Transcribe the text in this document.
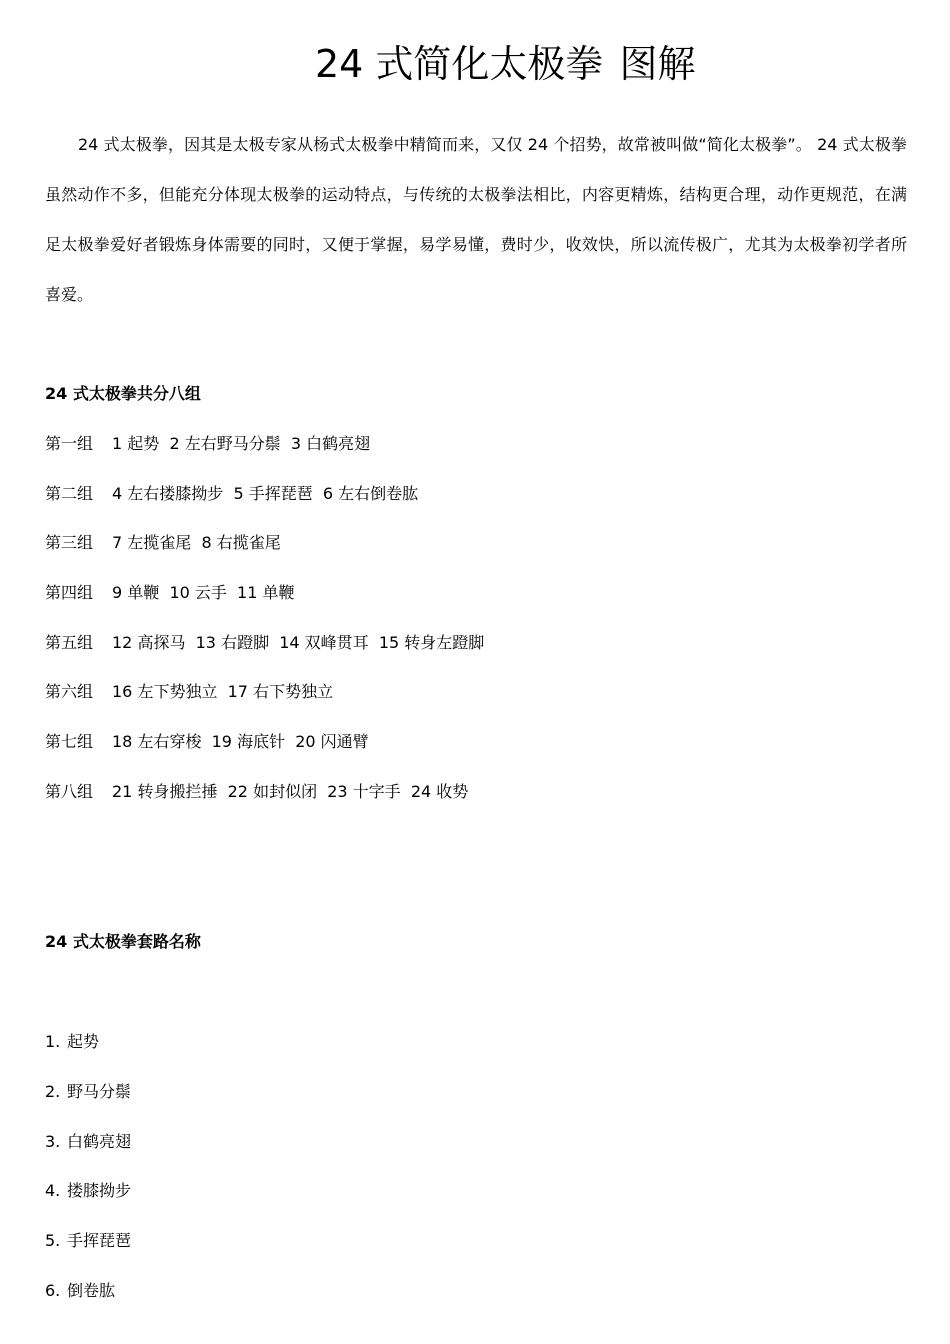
24 式简化太极拳 图解

24 式太极拳，因其是太极专家从杨式太极拳中精简而来，又仅 24 个招势，故常被叫做“简化太极拳”。 24 式太极拳虽然动作不多，但能充分体现太极拳的运动特点，与传统的太极拳法相比，内容更精炼，结构更合理，动作更规范，在满足太极拳爱好者锻炼身体需要的同时，又便于掌握，易学易懂，费时少，收效快，所以流传极广，尤其为太极拳初学者所喜爱。

24 式太极拳共分八组
第一组 1 起势  2 左右野马分鬃  3 白鹤亮翅
第二组 4 左右搂膝拗步  5 手挥琵琶  6 左右倒卷肱
第三组 7 左揽雀尾  8 右揽雀尾
第四组 9 单鞭  10 云手  11 单鞭
第五组 12 高探马  13 右蹬脚  14 双峰贯耳  15 转身左蹬脚
第六组 16 左下势独立  17 右下势独立
第七组 18 左右穿梭  19 海底针  20 闪通臂
第八组 21 转身搬拦捶  22 如封似闭  23 十字手  24 收势
24 式太极拳套路名称
1. 起势
2. 野马分鬃
3. 白鹤亮翅
4. 搂膝拗步
5. 手挥琵琶
6. 倒卷肱
